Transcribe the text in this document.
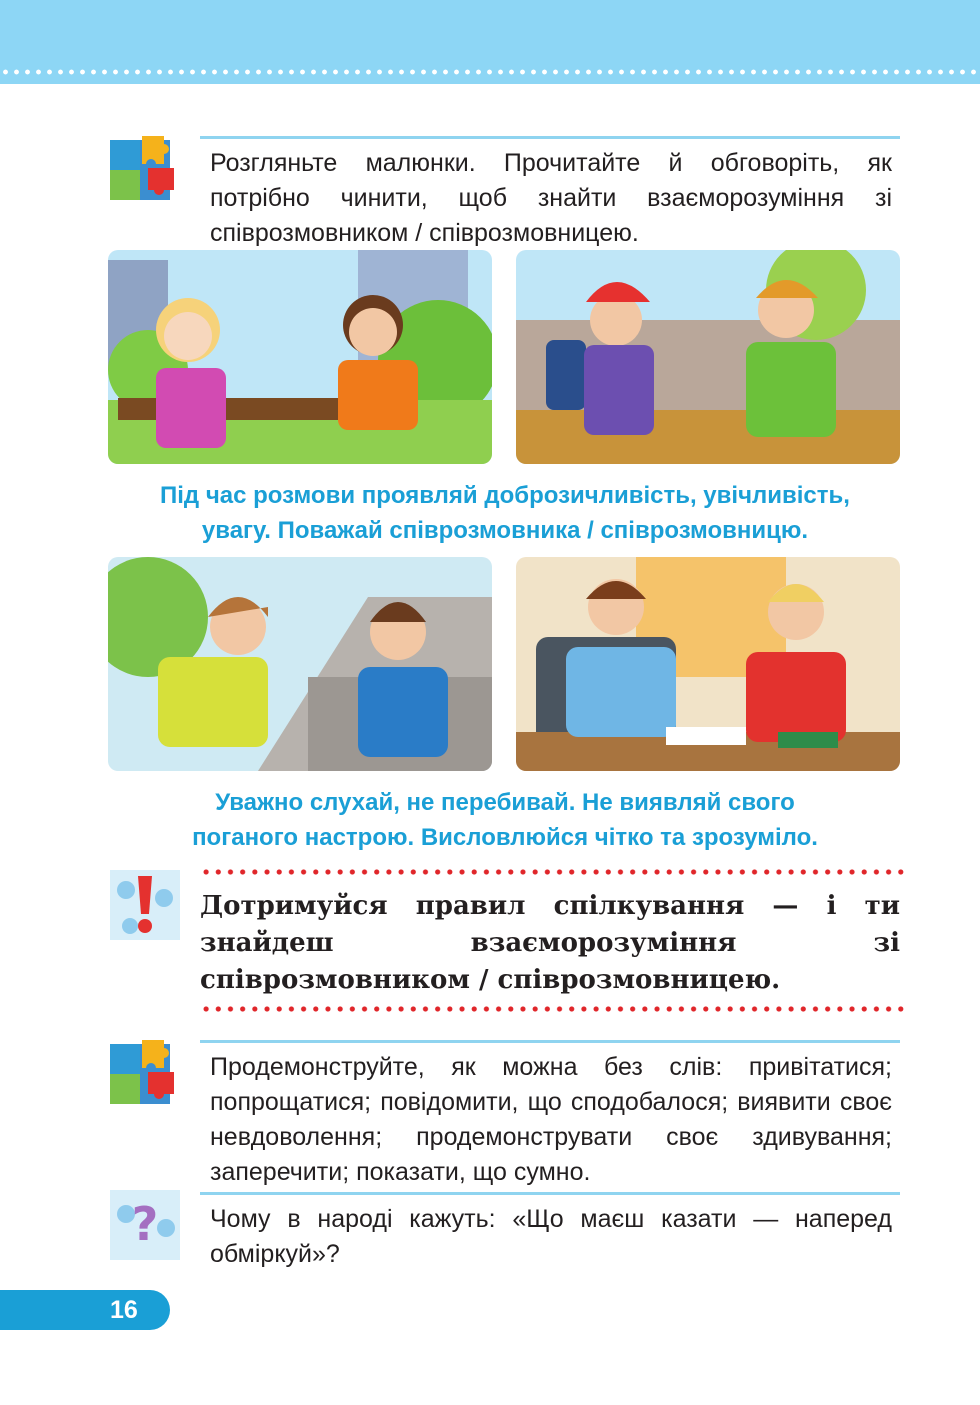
Розгляньте малюнки. Прочитайте й обговоріть, як потрібно чинити, щоб знайти взаєморозуміння зі співрозмовником / співрозмовницею.
Під час розмови проявляй доброзичливість, увічливість,
увагу. Поважай співрозмовника / співрозмовницю.
Уважно слухай, не перебивай. Не виявляй свого
поганого настрою. Висловлюйся чітко та зрозуміло.
Дотримуйся правил спілкування — і ти знайдеш взаєморозуміння зі співрозмовником / співрозмовницею.
Продемонструйте, як можна без слів: привітатися; попрощатися; повідомити, що сподобалося; виявити своє невдоволення; продемонструвати своє здивування; заперечити; показати, що сумно.
? Чому в народі кажуть: «Що маєш казати — наперед обміркуй»?
16
